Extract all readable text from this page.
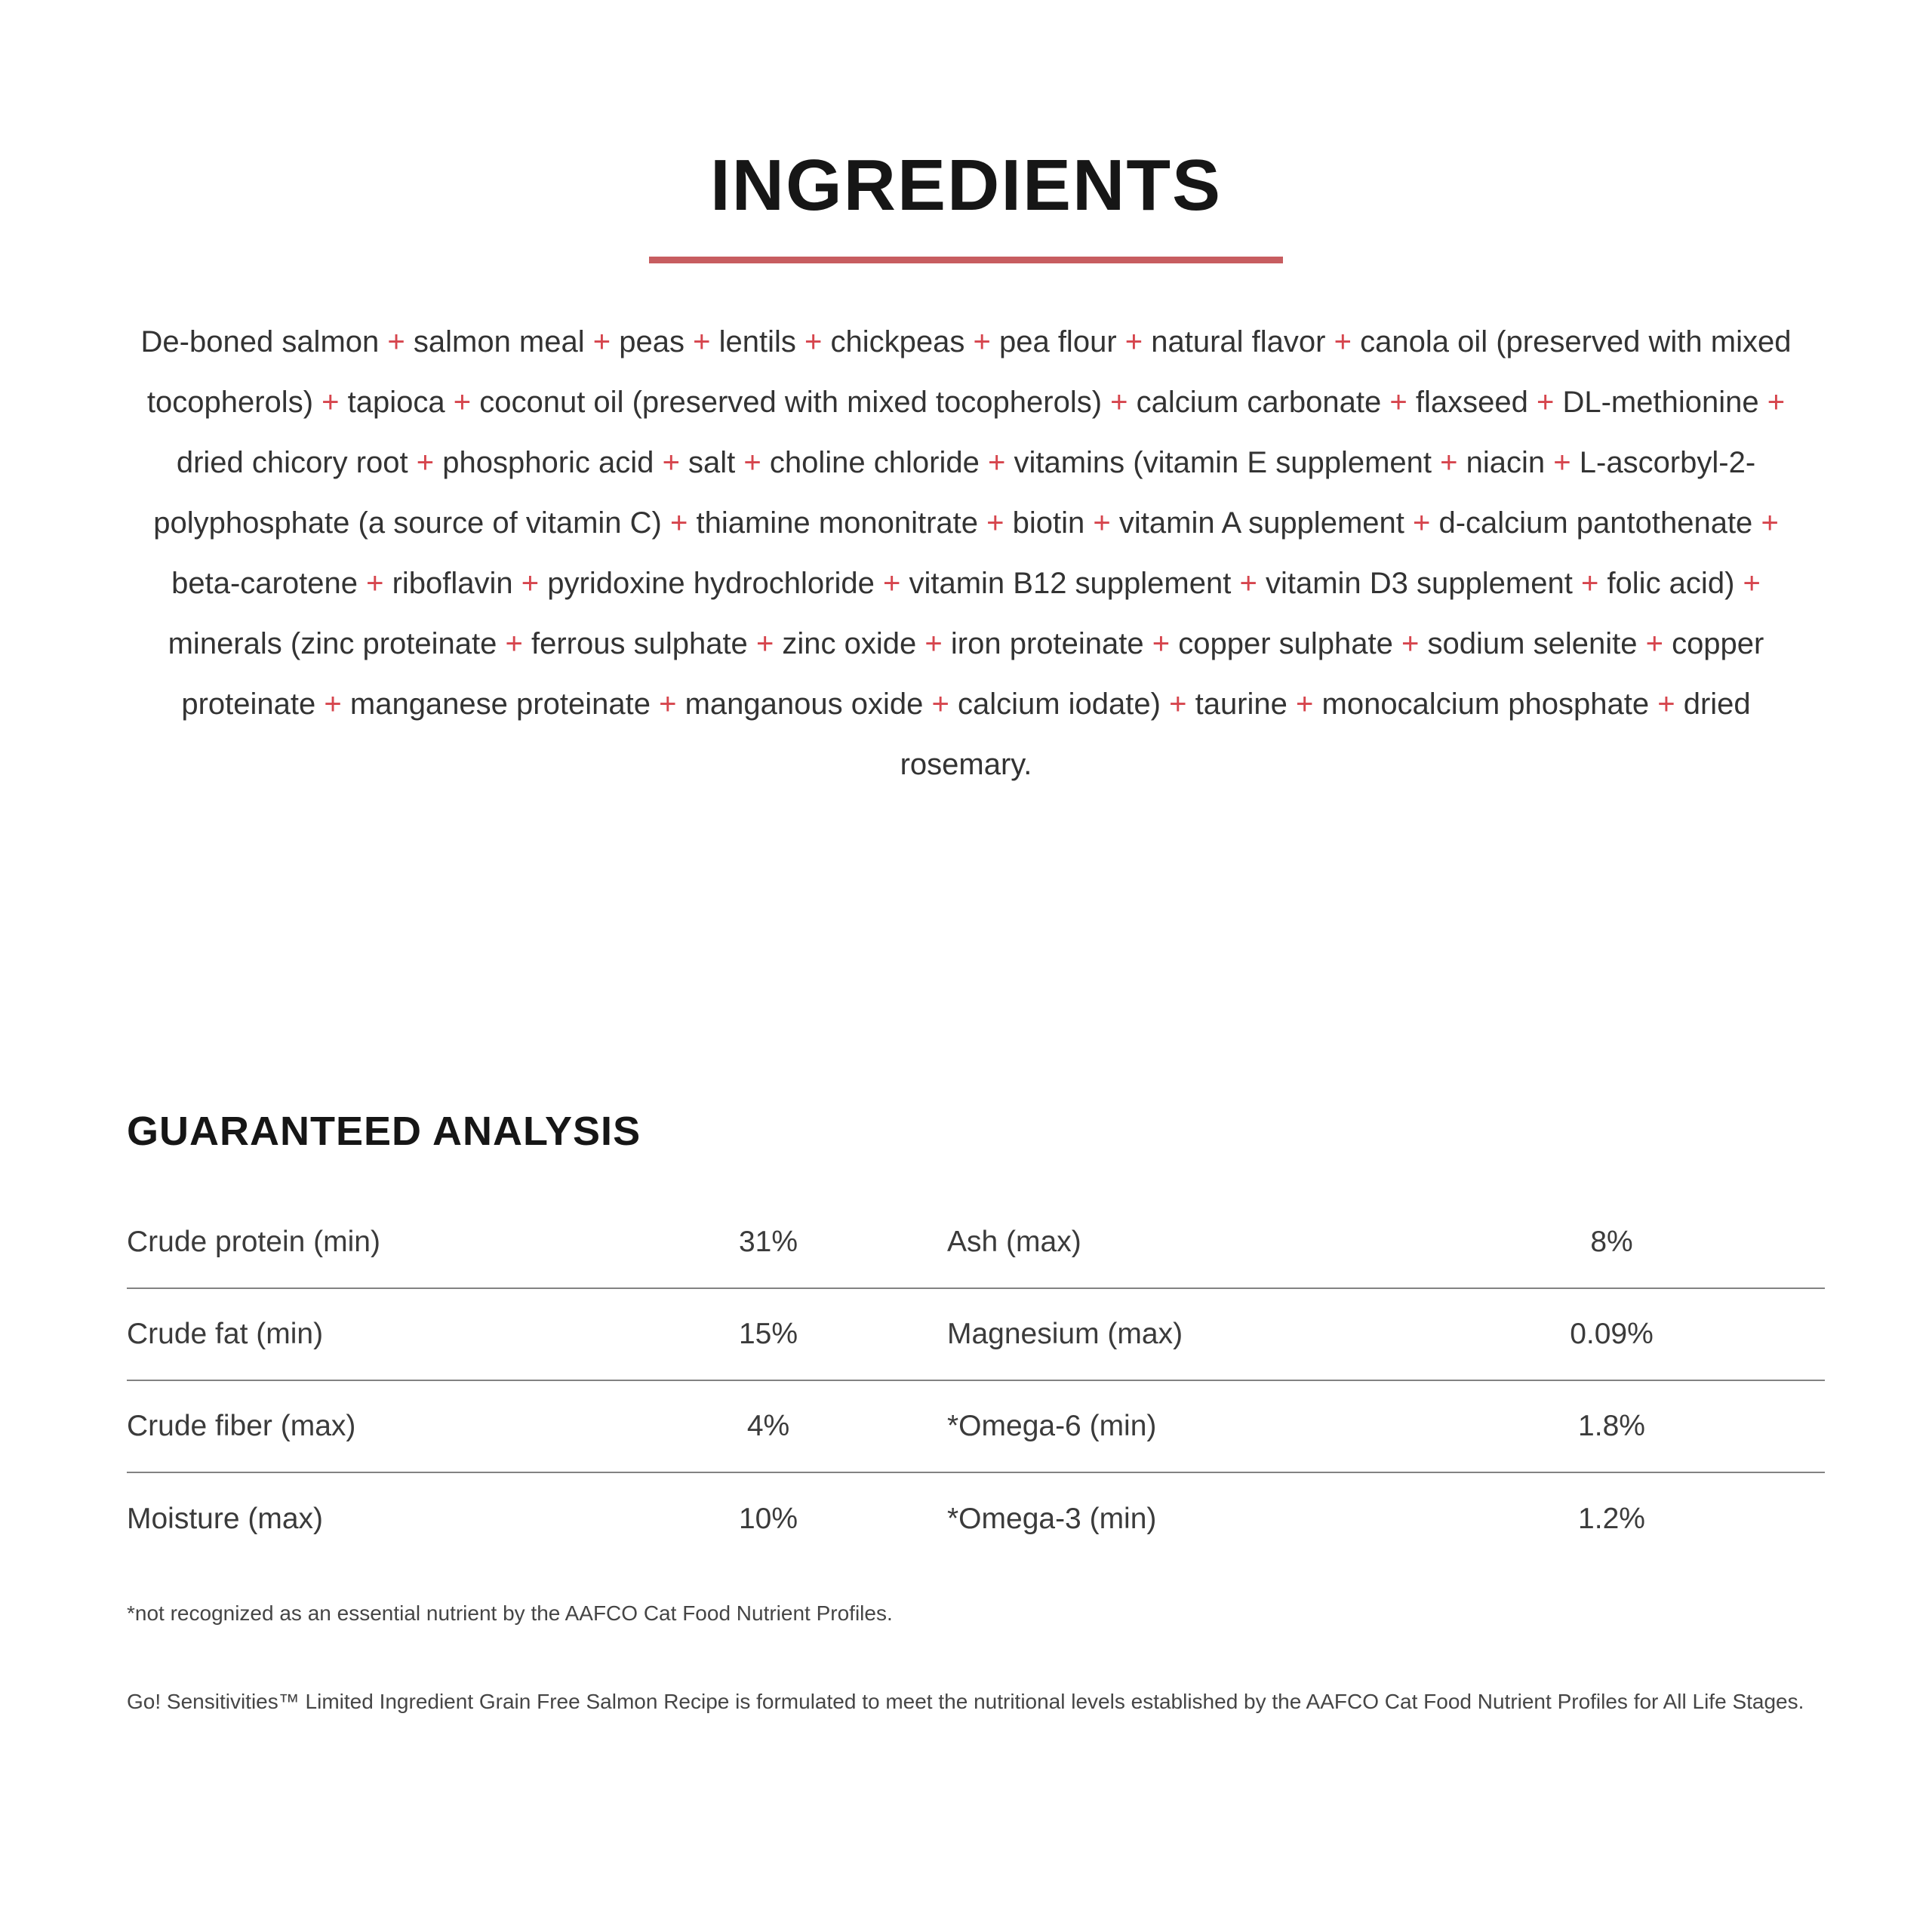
INGREDIENTS

De-boned salmon + salmon meal + peas + lentils + chickpeas + pea flour + natural flavor + canola oil (preserved with mixed tocopherols) + tapioca + coconut oil (preserved with mixed tocopherols) + calcium carbonate + flaxseed + DL-methionine + dried chicory root + phosphoric acid + salt + choline chloride + vitamins (vitamin E supplement + niacin + L-ascorbyl-2-polyphosphate (a source of vitamin C) + thiamine mononitrate + biotin + vitamin A supplement + d-calcium pantothenate + beta-carotene + riboflavin + pyridoxine hydrochloride + vitamin B12 supplement + vitamin D3 supplement + folic acid) + minerals (zinc proteinate + ferrous sulphate + zinc oxide + iron proteinate + copper sulphate + sodium selenite + copper proteinate + manganese proteinate + manganous oxide + calcium iodate) + taurine + monocalcium phosphate + dried rosemary.

GUARANTEED ANALYSIS
Crude protein (min)	31%	Ash (max)	8%
Crude fat (min)	15%	Magnesium (max)	0.09%
Crude fiber (max)	4%	*Omega-6 (min)	1.8%
Moisture (max)	10%	*Omega-3 (min)	1.2%

*not recognized as an essential nutrient by the AAFCO Cat Food Nutrient Profiles.

Go! Sensitivities™ Limited Ingredient Grain Free Salmon Recipe is formulated to meet the nutritional levels established by the AAFCO Cat Food Nutrient Profiles for All Life Stages.
